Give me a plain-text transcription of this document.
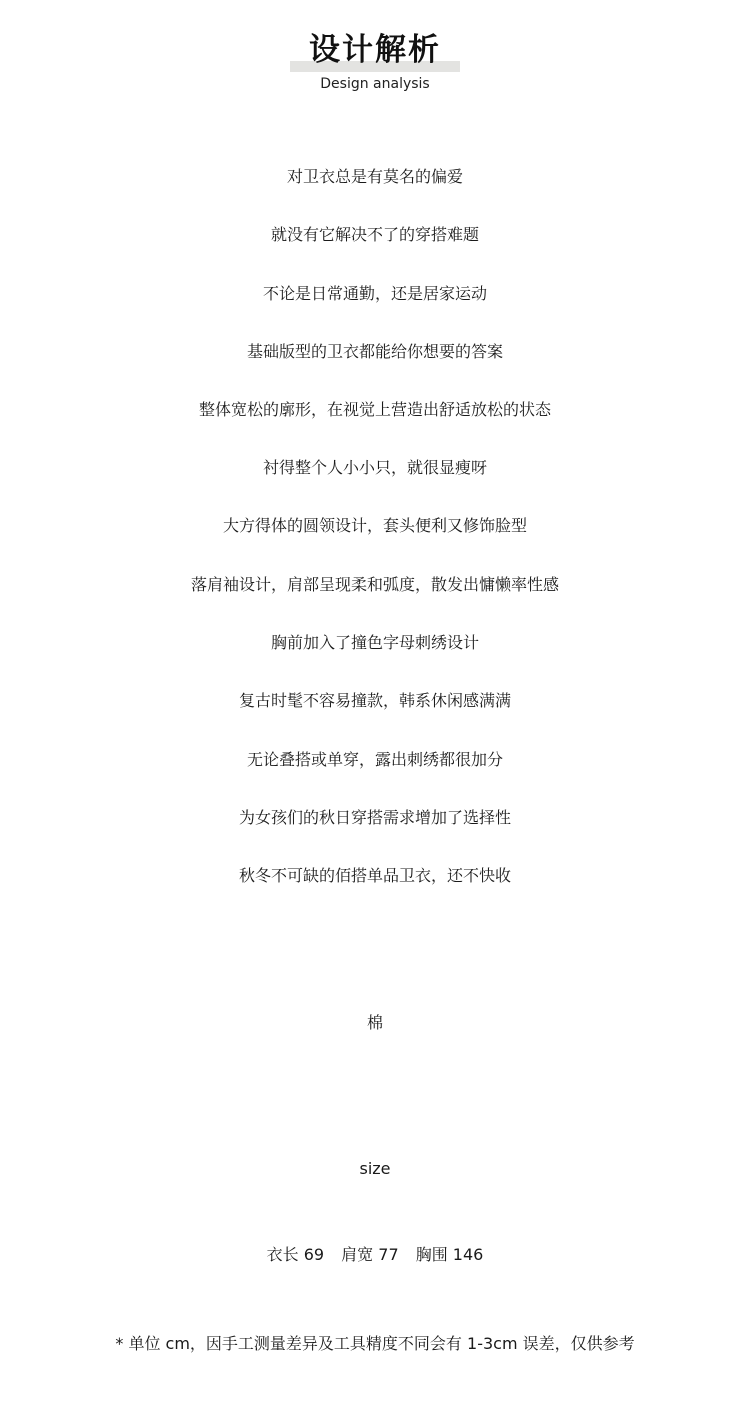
设计解析
Design analysis
对卫衣总是有莫名的偏爱
就没有它解决不了的穿搭难题
不论是日常通勤，还是居家运动
基础版型的卫衣都能给你想要的答案
整体宽松的廓形，在视觉上营造出舒适放松的状态
衬得整个人小小只，就很显瘦呀
大方得体的圆领设计，套头便利又修饰脸型
落肩袖设计，肩部呈现柔和弧度，散发出慵懒率性感
胸前加入了撞色字母刺绣设计
复古时髦不容易撞款，韩系休闲感满满
无论叠搭或单穿，露出刺绣都很加分
为女孩们的秋日穿搭需求增加了选择性
秋冬不可缺的佰搭单品卫衣，还不快收
棉
size
衣长 69 肩宽 77 胸围 146
* 单位 cm，因手工测量差异及工具精度不同会有 1-3cm 误差，仅供参考
